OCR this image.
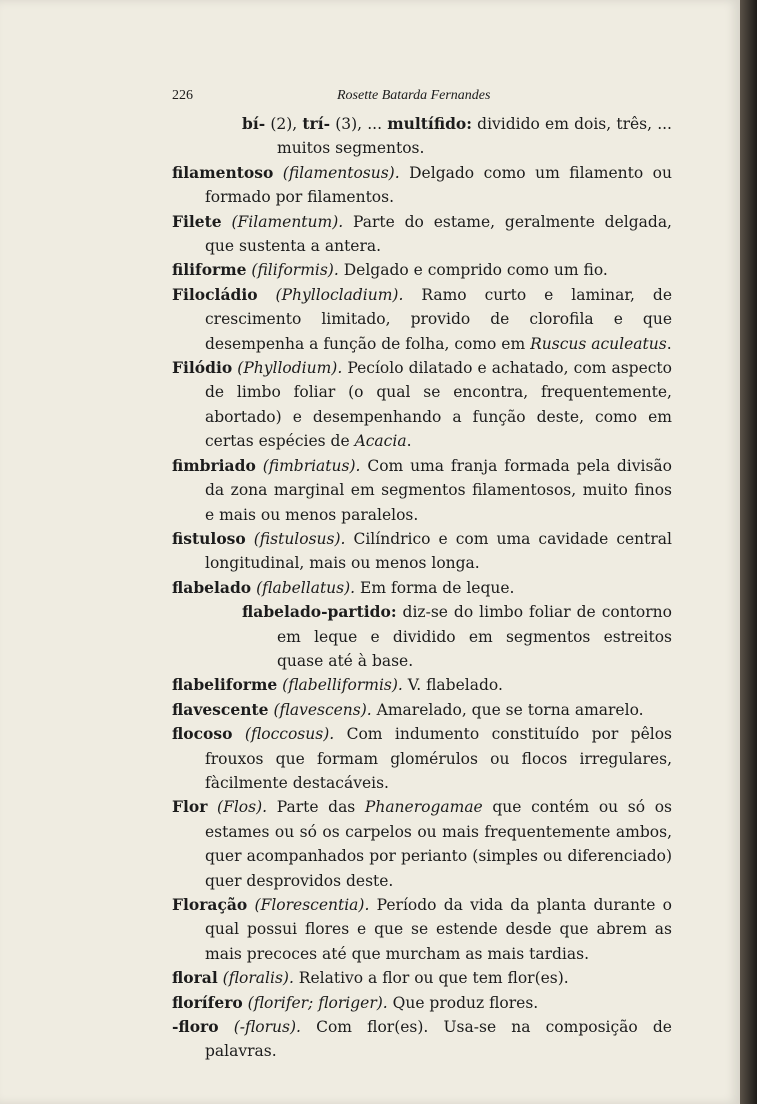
226	Rosette Batarda Fernandes
bí- (2), trí- (3), ... multífido: dividido em dois, três, ... muitos segmentos.
filamentoso (filamentosus). Delgado como um filamento ou formado por filamentos.
Filete (Filamentum). Parte do estame, geralmente delgada, que sustenta a antera.
filiforme (filiformis). Delgado e comprido como um fio.
Filocládio (Phyllocladium). Ramo curto e laminar, de crescimento limitado, provido de clorofila e que desempenha a função de folha, como em Ruscus aculeatus.
Filódio (Phyllodium). Pecíolo dilatado e achatado, com aspecto de limbo foliar (o qual se encontra, frequentemente, abortado) e desempenhando a função deste, como em certas espécies de Acacia.
fimbriado (fimbriatus). Com uma franja formada pela divisão da zona marginal em segmentos filamentosos, muito finos e mais ou menos paralelos.
fistuloso (fistulosus). Cilíndrico e com uma cavidade central longitudinal, mais ou menos longa.
flabelado (flabellatus). Em forma de leque.
flabelado-partido: diz-se do limbo foliar de contorno em leque e dividido em segmentos estreitos quase até à base.
flabeliforme (flabelliformis). V. flabelado.
flavescente (flavescens). Amarelado, que se torna amarelo.
flocoso (floccosus). Com indumento constituído por pêlos frouxos que formam glomérulos ou flocos irregulares, fàcilmente destacáveis.
Flor (Flos). Parte das Phanerogamae que contém ou só os estames ou só os carpelos ou mais frequentemente ambos, quer acompanhados por perianto (simples ou diferenciado) quer desprovidos deste.
Floração (Florescentia). Período da vida da planta durante o qual possui flores e que se estende desde que abrem as mais precoces até que murcham as mais tardias.
floral (floralis). Relativo a flor ou que tem flor(es).
florífero (florifer; floriger). Que produz flores.
-floro (-florus). Com flor(es). Usa-se na composição de palavras.
